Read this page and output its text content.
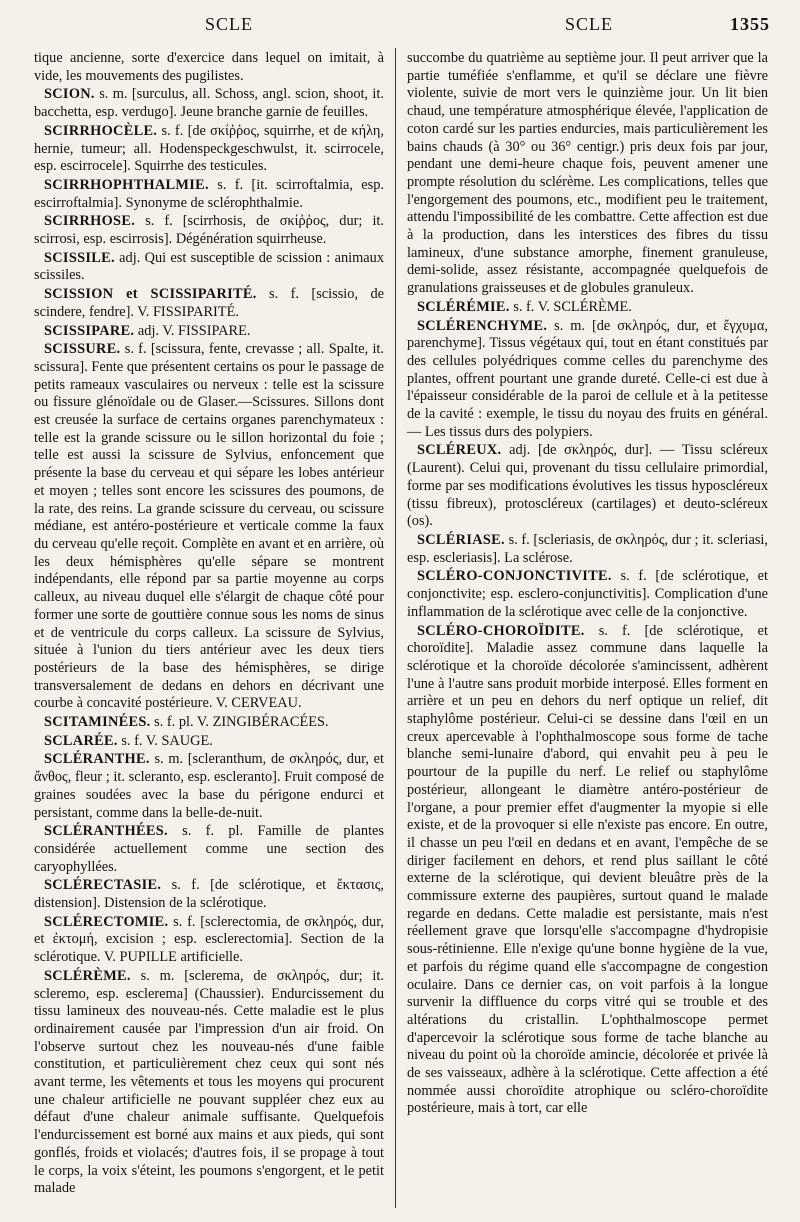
SCLE	SCLE	1355
tique ancienne, sorte d'exercice dans lequel on imitait, à vide, les mouvements des pugilistes.
SCION. s. m. [surculus, all. Schoss, angl. scion, shoot, it. bacchetta, esp. verdugo]. Jeune branche garnie de feuilles.
SCIRRHOCÈLE. s. f. [de σκίῤῥος, squirrhe, et de κήλη, hernie, tumeur; all. Hodenspeckgeschwulst, it. scirrocele, esp. escirrocele]. Squirrhe des testicules.
SCIRRHOPHTHALMIE. s. f. [it. scirroftalmia, esp. escirroftalmia]. Synonyme de sclérophthalmie.
SCIRRHOSE. s. f. [scirrhosis, de σκίῤῥος, dur; it. scirrosi, esp. escirrosis]. Dégénération squirrheuse.
SCISSILE. adj. Qui est susceptible de scission : animaux scissiles.
SCISSION et SCISSIPARITÉ. s. f. [scissio, de scindere, fendre]. V. FISSIPARITÉ.
SCISSIPARE. adj. V. FISSIPARE.
SCISSURE. s. f. [scissura, fente, crevasse ; all. Spalte, it. scissura]. Fente que présentent certains os pour le passage de petits rameaux vasculaires ou nerveux : telle est la scissure ou fissure glénoïdale ou de Glaser.—Scissures. Sillons dont est creusée la surface de certains organes parenchymateux : telle est la grande scissure ou le sillon horizontal du foie ; telle est aussi la scissure de Sylvius, enfoncement que présente la base du cerveau et qui sépare les lobes antérieur et moyen ; telles sont encore les scissures des poumons, de la rate, des reins. La grande scissure du cerveau, ou scissure médiane, est antéro-postérieure et verticale comme la faux du cerveau qu'elle reçoit. Complète en avant et en arrière, où les deux hémisphères qu'elle sépare se montrent indépendants, elle répond par sa partie moyenne au corps calleux, au niveau duquel elle s'élargit de chaque côté pour former une sorte de gouttière connue sous les noms de sinus et de ventricule du corps calleux. La scissure de Sylvius, située à l'union du tiers antérieur avec les deux tiers postérieurs de la base des hémisphères, se dirige transversalement de dedans en dehors en décrivant une courbe à concavité postérieure. V. CERVEAU.
SCITAMINÉES. s. f. pl. V. ZINGIBÉRACÉES.
SCLARÉE. s. f. V. SAUGE.
SCLÉRANTHE. s. m. [scleranthum, de σκληρός, dur, et ἄνθος, fleur ; it. scleranto, esp. escleranto]. Fruit composé de graines soudées avec la base du périgone endurci et persistant, comme dans la belle-de-nuit.
SCLÉRANTHÉES. s. f. pl. Famille de plantes considérée actuellement comme une section des caryophyllées.
SCLÉRECTASIE. s. f. [de sclérotique, et ἔκτασις, distension]. Distension de la sclérotique.
SCLÉRECTOMIE. s. f. [sclerectomia, de σκληρός, dur, et ἐκτομή, excision ; esp. esclerectomia]. Section de la sclérotique. V. PUPILLE artificielle.
SCLÉRÈME. s. m. [sclerema, de σκληρός, dur; it. scleremo, esp. esclerema] (Chaussier). Endurcissement du tissu lamineux des nouveau-nés. Cette maladie est le plus ordinairement causée par l'impression d'un air froid. On l'observe surtout chez les nouveau-nés d'une faible constitution, et particulièrement chez ceux qui sont nés avant terme, les vêtements et tous les moyens qui procurent une chaleur artificielle ne pouvant suppléer chez eux au défaut d'une chaleur animale suffisante. Quelquefois l'endurcissement est borné aux mains et aux pieds, qui sont gonflés, froids et violacés; d'autres fois, il se propage à tout le corps, la voix s'éteint, les poumons s'engorgent, et le petit malade
succombe du quatrième au septième jour. Il peut arriver que la partie tuméfiée s'enflamme, et qu'il se déclare une fièvre violente, suivie de mort vers le quinzième jour. Un lit bien chaud, une température atmosphérique élevée, l'application de coton cardé sur les parties endurcies, mais particulièrement les bains chauds (à 30° ou 36° centigr.) pris deux fois par jour, pendant une demi-heure chaque fois, peuvent amener une prompte résolution du sclérème. Les complications, telles que l'engorgement des poumons, etc., modifient peu le traitement, attendu l'impossibilité de les combattre. Cette affection est due à la production, dans les interstices des fibres du tissu lamineux, d'une substance amorphe, finement granuleuse, demi-solide, assez résistante, accompagnée quelquefois de granulations graisseuses et de globules granuleux.
SCLÉRÉMIE. s. f. V. SCLÉRÈME.
SCLÉRENCHYME. s. m. [de σκληρός, dur, et ἔγχυμα, parenchyme]. Tissus végétaux qui, tout en étant constitués par des cellules polyédriques comme celles du parenchyme des plantes, offrent pourtant une grande dureté. Celle-ci est due à l'épaisseur considérable de la paroi de cellule et à la petitesse de la cavité : exemple, le tissu du noyau des fruits en général.— Les tissus durs des polypiers.
SCLÉREUX. adj. [de σκληρός, dur]. — Tissu scléreux (Laurent). Celui qui, provenant du tissu cellulaire primordial, forme par ses modifications évolutives les tissus hyposcléreux (tissu fibreux), protoscléreux (cartilages) et deuto-scléreux (os).
SCLÉRIASE. s. f. [scleriasis, de σκληρός, dur ; it. scleriasi, esp. escleriasis]. La sclérose.
SCLÉRO-CONJONCTIVITE. s. f. [de sclérotique, et conjonctivite; esp. esclero-conjunctivitis]. Complication d'une inflammation de la sclérotique avec celle de la conjonctive.
SCLÉRO-CHOROÏDITE. s. f. [de sclérotique, et choroïdite]. Maladie assez commune dans laquelle la sclérotique et la choroïde décolorée s'amincissent, adhèrent l'une à l'autre sans produit morbide interposé. Elles forment en arrière et un peu en dehors du nerf optique un relief, dit staphylôme postérieur. Celui-ci se dessine dans l'œil en un creux apercevable à l'ophthalmoscope sous forme de tache blanche semi-lunaire d'abord, qui envahit peu à peu le pourtour de la pupille du nerf. Le relief ou staphylôme postérieur, allongeant le diamètre antéro-postérieur de l'organe, a pour premier effet d'augmenter la myopie si elle existe, et de la provoquer si elle n'existe pas encore. En outre, il chasse un peu l'œil en dedans et en avant, l'empêche de se diriger facilement en dehors, et rend plus saillant le côté externe de la sclérotique, qui devient bleuâtre près de la commissure externe des paupières, surtout quand le malade regarde en dedans. Cette maladie est persistante, mais n'est réellement grave que lorsqu'elle s'accompagne d'hydropisie sous-rétinienne. Elle n'exige qu'une bonne hygiène de la vue, et parfois du régime quand elle s'accompagne de congestion oculaire. Dans ce dernier cas, on voit parfois à la longue survenir la diffluence du corps vitré qui se trouble et des altérations du cristallin. L'ophthalmoscope permet d'apercevoir la sclérotique sous forme de tache blanche au niveau du point où la choroïde amincie, décolorée et privée là de ses vaisseaux, adhère à la sclérotique. Cette affection a été nommée aussi choroïdite atrophique ou scléro-choroïdite postérieure, mais à tort, car elle
